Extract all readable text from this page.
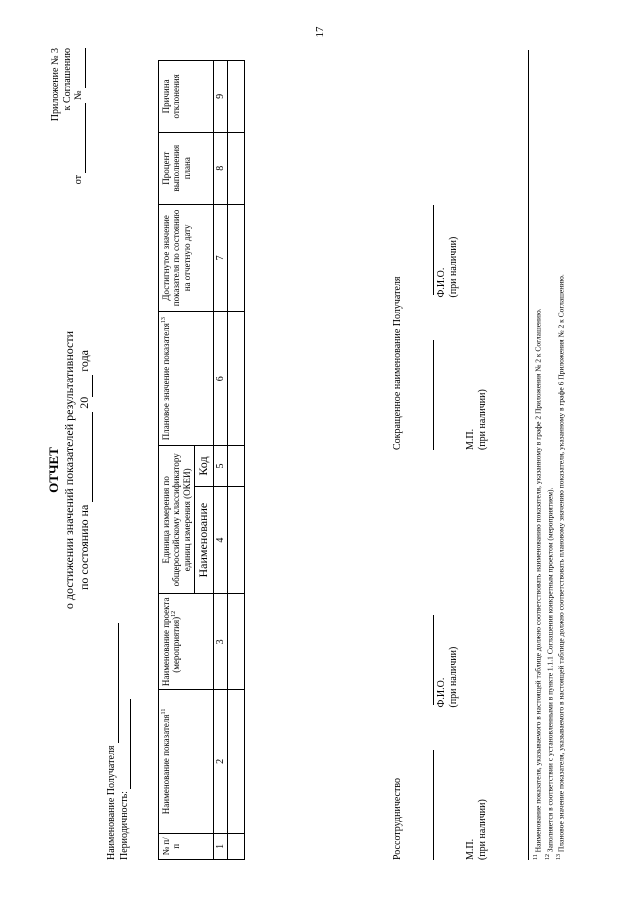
17
Приложение № 3 к Соглашению
от   №
ОТЧЕТ о достижении значений показателей результативности по состоянию на   20  года
Наименование Получателя Периодичность:	№ п/п	Наименование показателя$^{11}$	Наименование проекта (мероприятия)$^{12}$	Единица измерения по общероссийскому классификатору единиц измерения (ОКЕИ)		Плановое значение показателя$^{13}$	Достигнутое значение показателя по состоянию на отчетную дату	Процент выполнения плана	Причина отклонения
			Наименование	Код				
1	2	3	4	5	6	7	8	9

Россотрудничество

Ф.И.О. (при наличии)
М.П. (при наличии)
Сокращенное наименование Получателя
	Ф.И.О. (при наличии)
М.П. (при наличии)
$^{11}$ Наименование показателя, указываемого в настоящей таблице должно соответствовать наименованию показателя, указанному в графе 2 Приложения № 2 к Соглашению.
$^{12}$ Заполняется в соответствии с установленными в пункте 1.1.1 Соглашения конкретным проектом (мероприятием).
$^{13}$ Плановое значение показателя, указываемого в настоящей таблице должно соответствовать плановому значению показателя, указанному в графе 6 Приложения № 2 к Соглашению.
